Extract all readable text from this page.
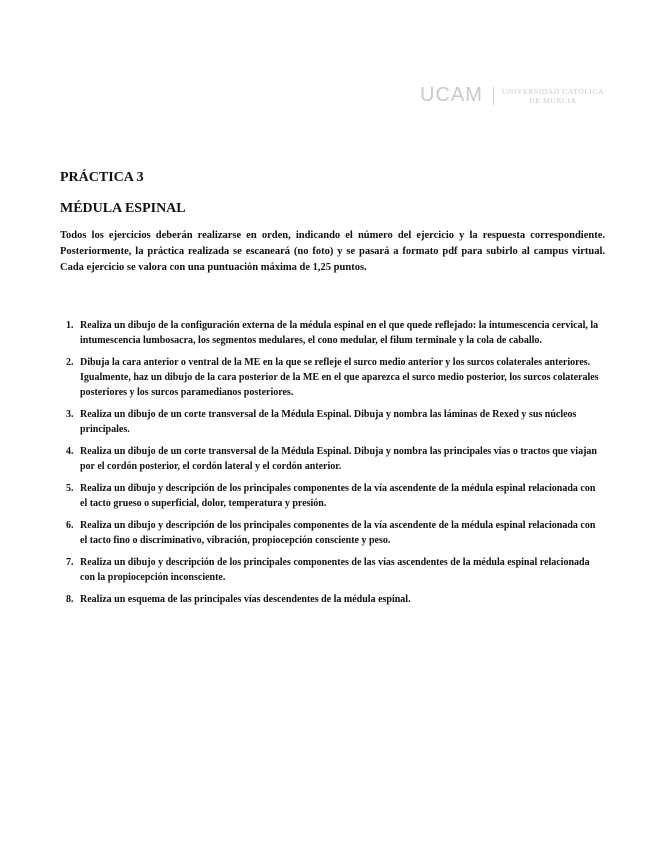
UCAM	UNIVERSIDAD CATÓLICA
DE MURCIA
PRÁCTICA 3
MÉDULA ESPINAL

Todos los ejercicios deberán realizarse en orden, indicando el número del ejercicio y la respuesta correspondiente. Posteriormente, la práctica realizada se escaneará (no foto) y se pasará a formato pdf para subirlo al campus virtual. Cada ejercicio se valora con una puntuación máxima de 1,25 puntos.

1. Realiza un dibujo de la configuración externa de la médula espinal en el que quede reflejado: la intumescencia cervical, la intumescencia lumbosacra, los segmentos medulares, el cono medular, el filum terminale y la cola de caballo.
2. Dibuja la cara anterior o ventral de la ME en la que se refleje el surco medio anterior y los surcos colaterales anteriores. Igualmente, haz un dibujo de la cara posterior de la ME en el que aparezca el surco medio posterior, los surcos colaterales posteriores y los surcos paramedianos posteriores.
3. Realiza un dibujo de un corte transversal de la Médula Espinal. Dibuja y nombra las láminas de Rexed y sus núcleos principales.
4. Realiza un dibujo de un corte transversal de la Médula Espinal. Dibuja y nombra las principales vías o tractos que viajan por el cordón posterior, el cordón lateral y el cordón anterior.
5. Realiza un dibujo y descripción de los principales componentes de la vía ascendente de la médula espinal relacionada con el tacto grueso o superficial, dolor, temperatura y presión.
6. Realiza un dibujo y descripción de los principales componentes de la vía ascendente de la médula espinal relacionada con el tacto fino o discriminativo, vibración, propiocepción consciente y peso.
7. Realiza un dibujo y descripción de los principales componentes de las vías ascendentes de la médula espinal relacionada con la propiocepción inconsciente.
8. Realiza un esquema de las principales vías descendentes de la médula espinal.
